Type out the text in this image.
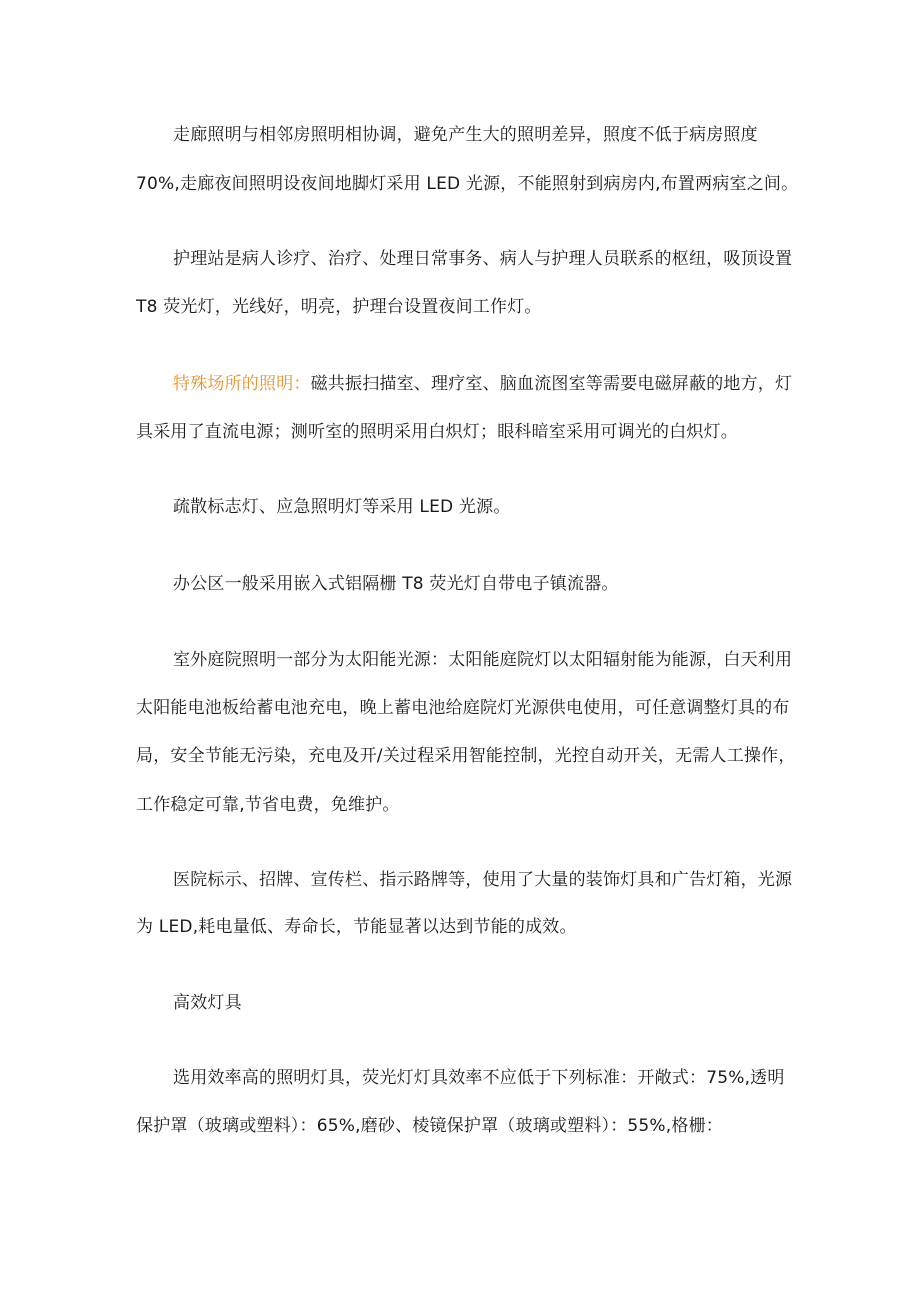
走廊照明与相邻房照明相协调，避免产生大的照明差异，照度不低于病房照度
70%,走廊夜间照明设夜间地脚灯采用 LED 光源，不能照射到病房内,布置两病室之间。
护理站是病人诊疗、治疗、处理日常事务、病人与护理人员联系的枢纽，吸顶设置
T8 荧光灯，光线好，明亮，护理台设置夜间工作灯。
特殊场所的照明：磁共振扫描室、理疗室、脑血流图室等需要电磁屏蔽的地方，灯
具采用了直流电源；测听室的照明采用白炽灯；眼科暗室采用可调光的白炽灯。
疏散标志灯、应急照明灯等采用 LED 光源。
办公区一般采用嵌入式铝隔栅 T8 荧光灯自带电子镇流器。
室外庭院照明一部分为太阳能光源：太阳能庭院灯以太阳辐射能为能源，白天利用
太阳能电池板给蓄电池充电，晚上蓄电池给庭院灯光源供电使用，可任意调整灯具的布
局，安全节能无污染，充电及开/关过程采用智能控制，光控自动开关，无需人工操作，
工作稳定可靠,节省电费，免维护。
医院标示、招牌、宣传栏、指示路牌等，使用了大量的装饰灯具和广告灯箱，光源
为 LED,耗电量低、寿命长，节能显著以达到节能的成效。
高效灯具
选用效率高的照明灯具，荧光灯灯具效率不应低于下列标准：开敞式：75%,透明
保护罩（玻璃或塑料）：65%,磨砂、棱镜保护罩（玻璃或塑料）：55%,格栅：
